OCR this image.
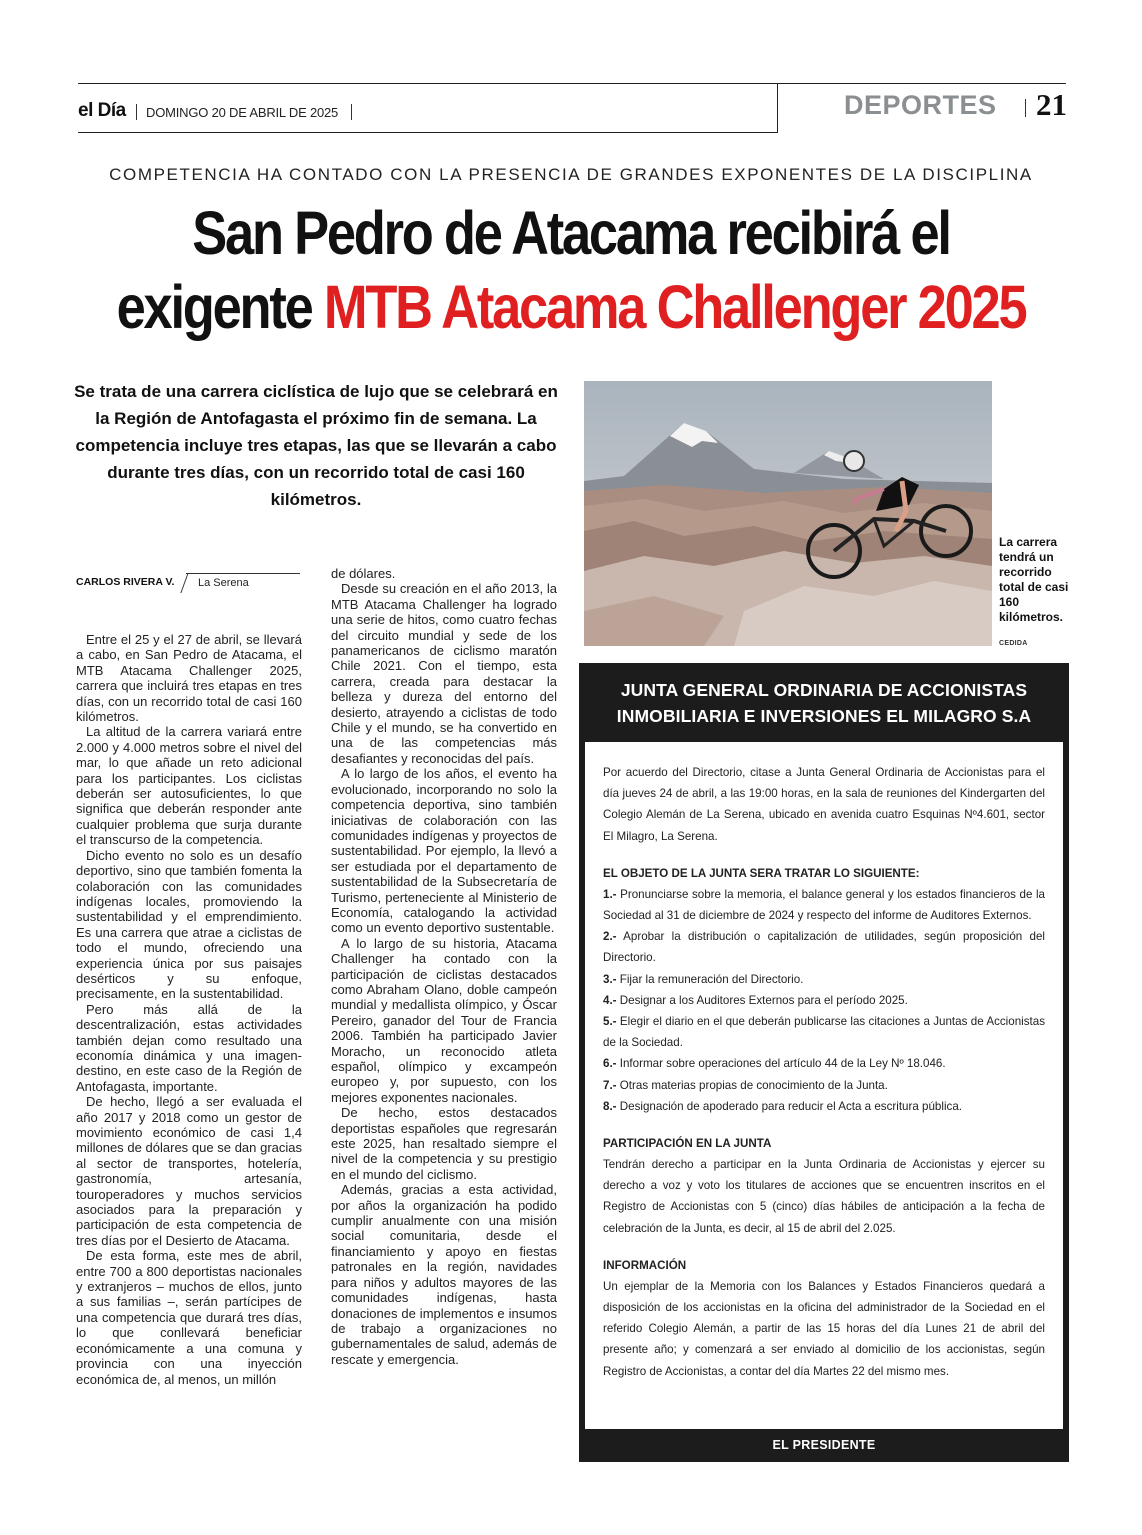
el Día DOMINGO 20 DE ABRIL DE 2025	DEPORTES 21
COMPETENCIA HA CONTADO CON LA PRESENCIA DE GRANDES EXPONENTES DE LA DISCIPLINA
San Pedro de Atacama recibirá el
exigente MTB Atacama Challenger 2025
Se trata de una carrera ciclística de lujo que se celebrará en la Región de Antofagasta el próximo fin de semana. La competencia incluye tres etapas, las que se llevarán a cabo durante tres días, con un recorrido total de casi 160 kilómetros.
CARLOS RIVERA V. La Serena

Entre el 25 y el 27 de abril, se llevará a cabo, en San Pedro de Atacama, el MTB Atacama Challenger 2025, carrera que incluirá tres etapas en tres días, con un recorrido total de casi 160 kilómetros.

La altitud de la carrera variará entre 2.000 y 4.000 metros sobre el nivel del mar, lo que añade un reto adicional para los participantes. Los ciclistas deberán ser autosuficientes, lo que significa que deberán responder ante cualquier problema que surja durante el transcurso de la competencia.

Dicho evento no solo es un desafío deportivo, sino que también fomenta la colaboración con las comunidades indígenas locales, promoviendo la sustentabilidad y el emprendimiento. Es una carrera que atrae a ciclistas de todo el mundo, ofreciendo una experiencia única por sus paisajes desérticos y su enfoque, precisamente, en la sustentabilidad.

Pero más allá de la descentralización, estas actividades también dejan como resultado una economía dinámica y una imagen-destino, en este caso de la Región de Antofagasta, importante.

De hecho, llegó a ser evaluada el año 2017 y 2018 como un gestor de movimiento económico de casi 1,4 millones de dólares que se dan gracias al sector de transportes, hotelería, gastronomía, artesanía, touroperadores y muchos servicios asociados para la preparación y participación de esta competencia de tres días por el Desierto de Atacama.

De esta forma, este mes de abril, entre 700 a 800 deportistas nacionales y extranjeros – muchos de ellos, junto a sus familias –, serán partícipes de una competencia que durará tres días, lo que conllevará beneficiar económicamente a una comuna y provincia con una inyección económica de, al menos, un millón

de dólares.

Desde su creación en el año 2013, la MTB Atacama Challenger ha logrado una serie de hitos, como cuatro fechas del circuito mundial y sede de los panamericanos de ciclismo maratón Chile 2021. Con el tiempo, esta carrera, creada para destacar la belleza y dureza del entorno del desierto, atrayendo a ciclistas de todo Chile y el mundo, se ha convertido en una de las competencias más desafiantes y reconocidas del país.

A lo largo de los años, el evento ha evolucionado, incorporando no solo la competencia deportiva, sino también iniciativas de colaboración con las comunidades indígenas y proyectos de sustentabilidad. Por ejemplo, la llevó a ser estudiada por el departamento de sustentabilidad de la Subsecretaría de Turismo, perteneciente al Ministerio de Economía, catalogando la actividad como un evento deportivo sustentable.

A lo largo de su historia, Atacama Challenger ha contado con la participación de ciclistas destacados como Abraham Olano, doble campeón mundial y medallista olímpico, y Óscar Pereiro, ganador del Tour de Francia 2006. También ha participado Javier Moracho, un reconocido atleta español, olímpico y excampeón europeo y, por supuesto, con los mejores exponentes nacionales.

De hecho, estos destacados deportistas españoles que regresarán este 2025, han resaltado siempre el nivel de la competencia y su prestigio en el mundo del ciclismo.

Además, gracias a esta actividad, por años la organización ha podido cumplir anualmente con una misión social comunitaria, desde el financiamiento y apoyo en fiestas patronales en la región, navidades para niños y adultos mayores de las comunidades indígenas, hasta donaciones de implementos e insumos de trabajo a organizaciones no gubernamentales de salud, además de rescate y emergencia.

La carrera tendrá un recorrido total de casi 160 kilómetros.
CEDIDA
JUNTA GENERAL ORDINARIA DE ACCIONISTAS
INMOBILIARIA E INVERSIONES EL MILAGRO S.A
Por acuerdo del Directorio, citase a Junta General Ordinaria de Accionistas para el día jueves 24 de abril, a las 19:00 horas, en la sala de reuniones del Kindergarten del Colegio Alemán de La Serena, ubicado en avenida cuatro Esquinas Nº4.601, sector El Milagro, La Serena.
EL OBJETO DE LA JUNTA SERA TRATAR LO SIGUIENTE:
1.- Pronunciarse sobre la memoria, el balance general y los estados financieros de la Sociedad al 31 de diciembre de 2024 y respecto del informe de Auditores Externos.
2.- Aprobar la distribución o capitalización de utilidades, según proposición del Directorio.
3.- Fijar la remuneración del Directorio.
4.- Designar a los Auditores Externos para el período 2025.
5.- Elegir el diario en el que deberán publicarse las citaciones a Juntas de Accionistas de la Sociedad.
6.- Informar sobre operaciones del artículo 44 de la Ley Nº 18.046.
7.- Otras materias propias de conocimiento de la Junta.
8.- Designación de apoderado para reducir el Acta a escritura pública.
PARTICIPACIÓN EN LA JUNTA
Tendrán derecho a participar en la Junta Ordinaria de Accionistas y ejercer su derecho a voz y voto los titulares de acciones que se encuentren inscritos en el Registro de Accionistas con 5 (cinco) días hábiles de anticipación a la fecha de celebración de la Junta, es decir, al 15 de abril del 2.025.
INFORMACIÓN
Un ejemplar de la Memoria con los Balances y Estados Financieros quedará a disposición de los accionistas en la oficina del administrador de la Sociedad en el referido Colegio Alemán, a partir de las 15 horas del día Lunes 21 de abril del presente año; y comenzará a ser enviado al domicilio de los accionistas, según Registro de Accionistas, a contar del día Martes 22 del mismo mes.
EL PRESIDENTE
